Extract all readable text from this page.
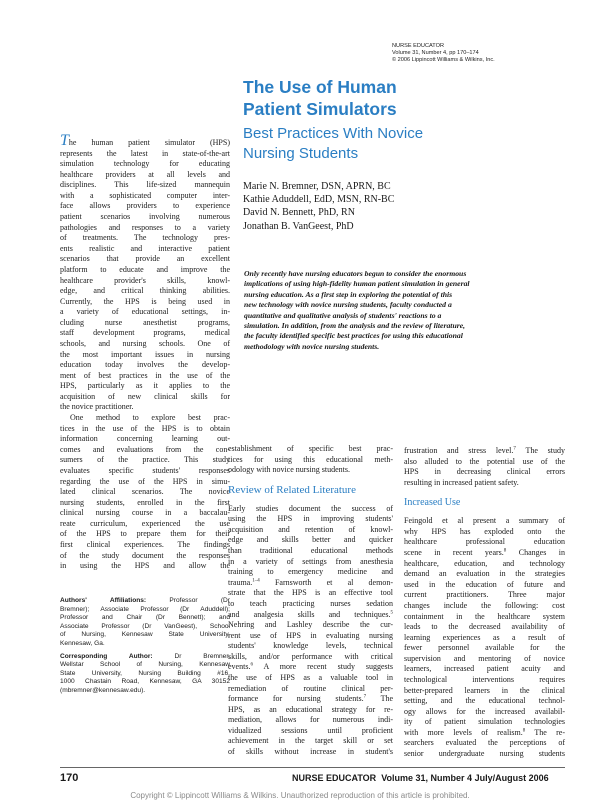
NURSE EDUCATOR
Volume 31, Number 4, pp 170–174
© 2006 Lippincott Williams & Wilkins, Inc.
The Use of Human
Patient Simulators
Best Practices With Novice
Nursing Students
Marie N. Bremner, DSN, APRN, BC
Kathie Aduddell, EdD, MSN, RN-BC
David N. Bennett, PhD, RN
Jonathan B. VanGeest, PhD
Only recently have nursing educators begun to consider the enormous
implications of using high-fidelity human patient simulation in general
nursing education. As a first step in exploring the potential of this
new technology with novice nursing students, faculty conducted a
quantitative and qualitative analysis of students' reactions to a
simulation. In addition, from the analysis and the review of literature,
the faculty identified specific best practices for using this educational
methodology with novice nursing students.
The human patient simulator (HPS)
represents the latest in state-of-the-art
simulation technology for educating
healthcare providers at all levels and
disciplines. This life-sized mannequin
with a sophisticated computer inter-
face allows providers to experience
patient scenarios involving numerous
pathologies and responses to a variety
of treatments. The technology pres-
ents realistic and interactive patient
scenarios that provide an excellent
platform to educate and improve the
healthcare provider's skills, knowl-
edge, and critical thinking abilities.
Currently, the HPS is being used in
a variety of educational settings, in-
cluding nurse anesthetist programs,
staff development programs, medical
schools, and nursing schools. One of
the most important issues in nursing
education today involves the develop-
ment of best practices in the use of the
HPS, particularly as it applies to the
acquisition of new clinical skills for
the novice practitioner.
One method to explore best prac-
tices in the use of the HPS is to obtain
information concerning learning out-
comes and evaluations from the con-
sumers of the practice. This study
evaluates specific students' responses
regarding the use of the HPS in simu-
lated clinical scenarios. The novice
nursing students, enrolled in the first
clinical nursing course in a baccalau-
reate curriculum, experienced the use
of the HPS to prepare them for their
first clinical experiences. The findings
of the study document the responses
in using the HPS and allow the
establishment of specific best prac-
tices for using this educational meth-
odology with novice nursing students.
Review of Related Literature
Early studies document the success of
using the HPS in improving students'
acquisition and retention of knowl-
edge and skills better and quicker
than traditional educational methods
in a variety of settings from anesthesia
training to emergency medicine and
trauma.$^{1-4}$ Farnsworth et al demon-
strate that the HPS is an effective tool
to teach practicing nurses sedation
and analgesia skills and techniques.$^5$
Nehring and Lashley describe the cur-
rent use of HPS in evaluating nursing
students' knowledge levels, technical
skills, and/or performance with critical
events.$^6$ A more recent study suggests
the use of HPS as a valuable tool in
remediation of routine clinical per-
formance for nursing students.$^7$ The
HPS, as an educational strategy for re-
mediation, allows for numerous indi-
vidualized sessions until proficient
achievement in the target skill or set
of skills without increase in student's
frustration and stress level.$^7$ The study
also alluded to the potential use of the
HPS in decreasing clinical errors
resulting in increased patient safety.
Increased Use
Feingold et al present a summary of
why HPS has exploded onto the
healthcare professional education
scene in recent years.$^8$ Changes in
healthcare, education, and technology
demand an evaluation in the strategies
used in the education of future and
current practitioners. Three major
changes include the following: cost
containment in the healthcare system
leads to the decreased availability of
learning experiences as a result of
fewer personnel available for the
supervision and mentoring of novice
learners, increased patient acuity and
technological interventions requires
better-prepared learners in the clinical
setting, and the educational technol-
ogy allows for the increased availabil-
ity of patient simulation technologies
with more levels of realism.$^8$ The re-
searchers evaluated the perceptions of
senior undergraduate nursing students
Authors' Affiliations:	Professor (Dr
Bremner); Associate Professor (Dr Aduddell);
Professor and Chair (Dr Bennett); and
Associate Professor (Dr VanGeest), School
of Nursing, Kennesaw State University,
Kennesaw, Ga.
Corresponding Author:	Dr Bremner,
Wellstar School of Nursing, Kennesaw
State University, Nursing Building #16,
1000 Chastain Road, Kennesaw, GA 30152
(mbremner@kennesaw.edu).
170	NURSE EDUCATOR Volume 31, Number 4 July/August 2006
Copyright © Lippincott Williams & Wilkins. Unauthorized reproduction of this article is prohibited.
